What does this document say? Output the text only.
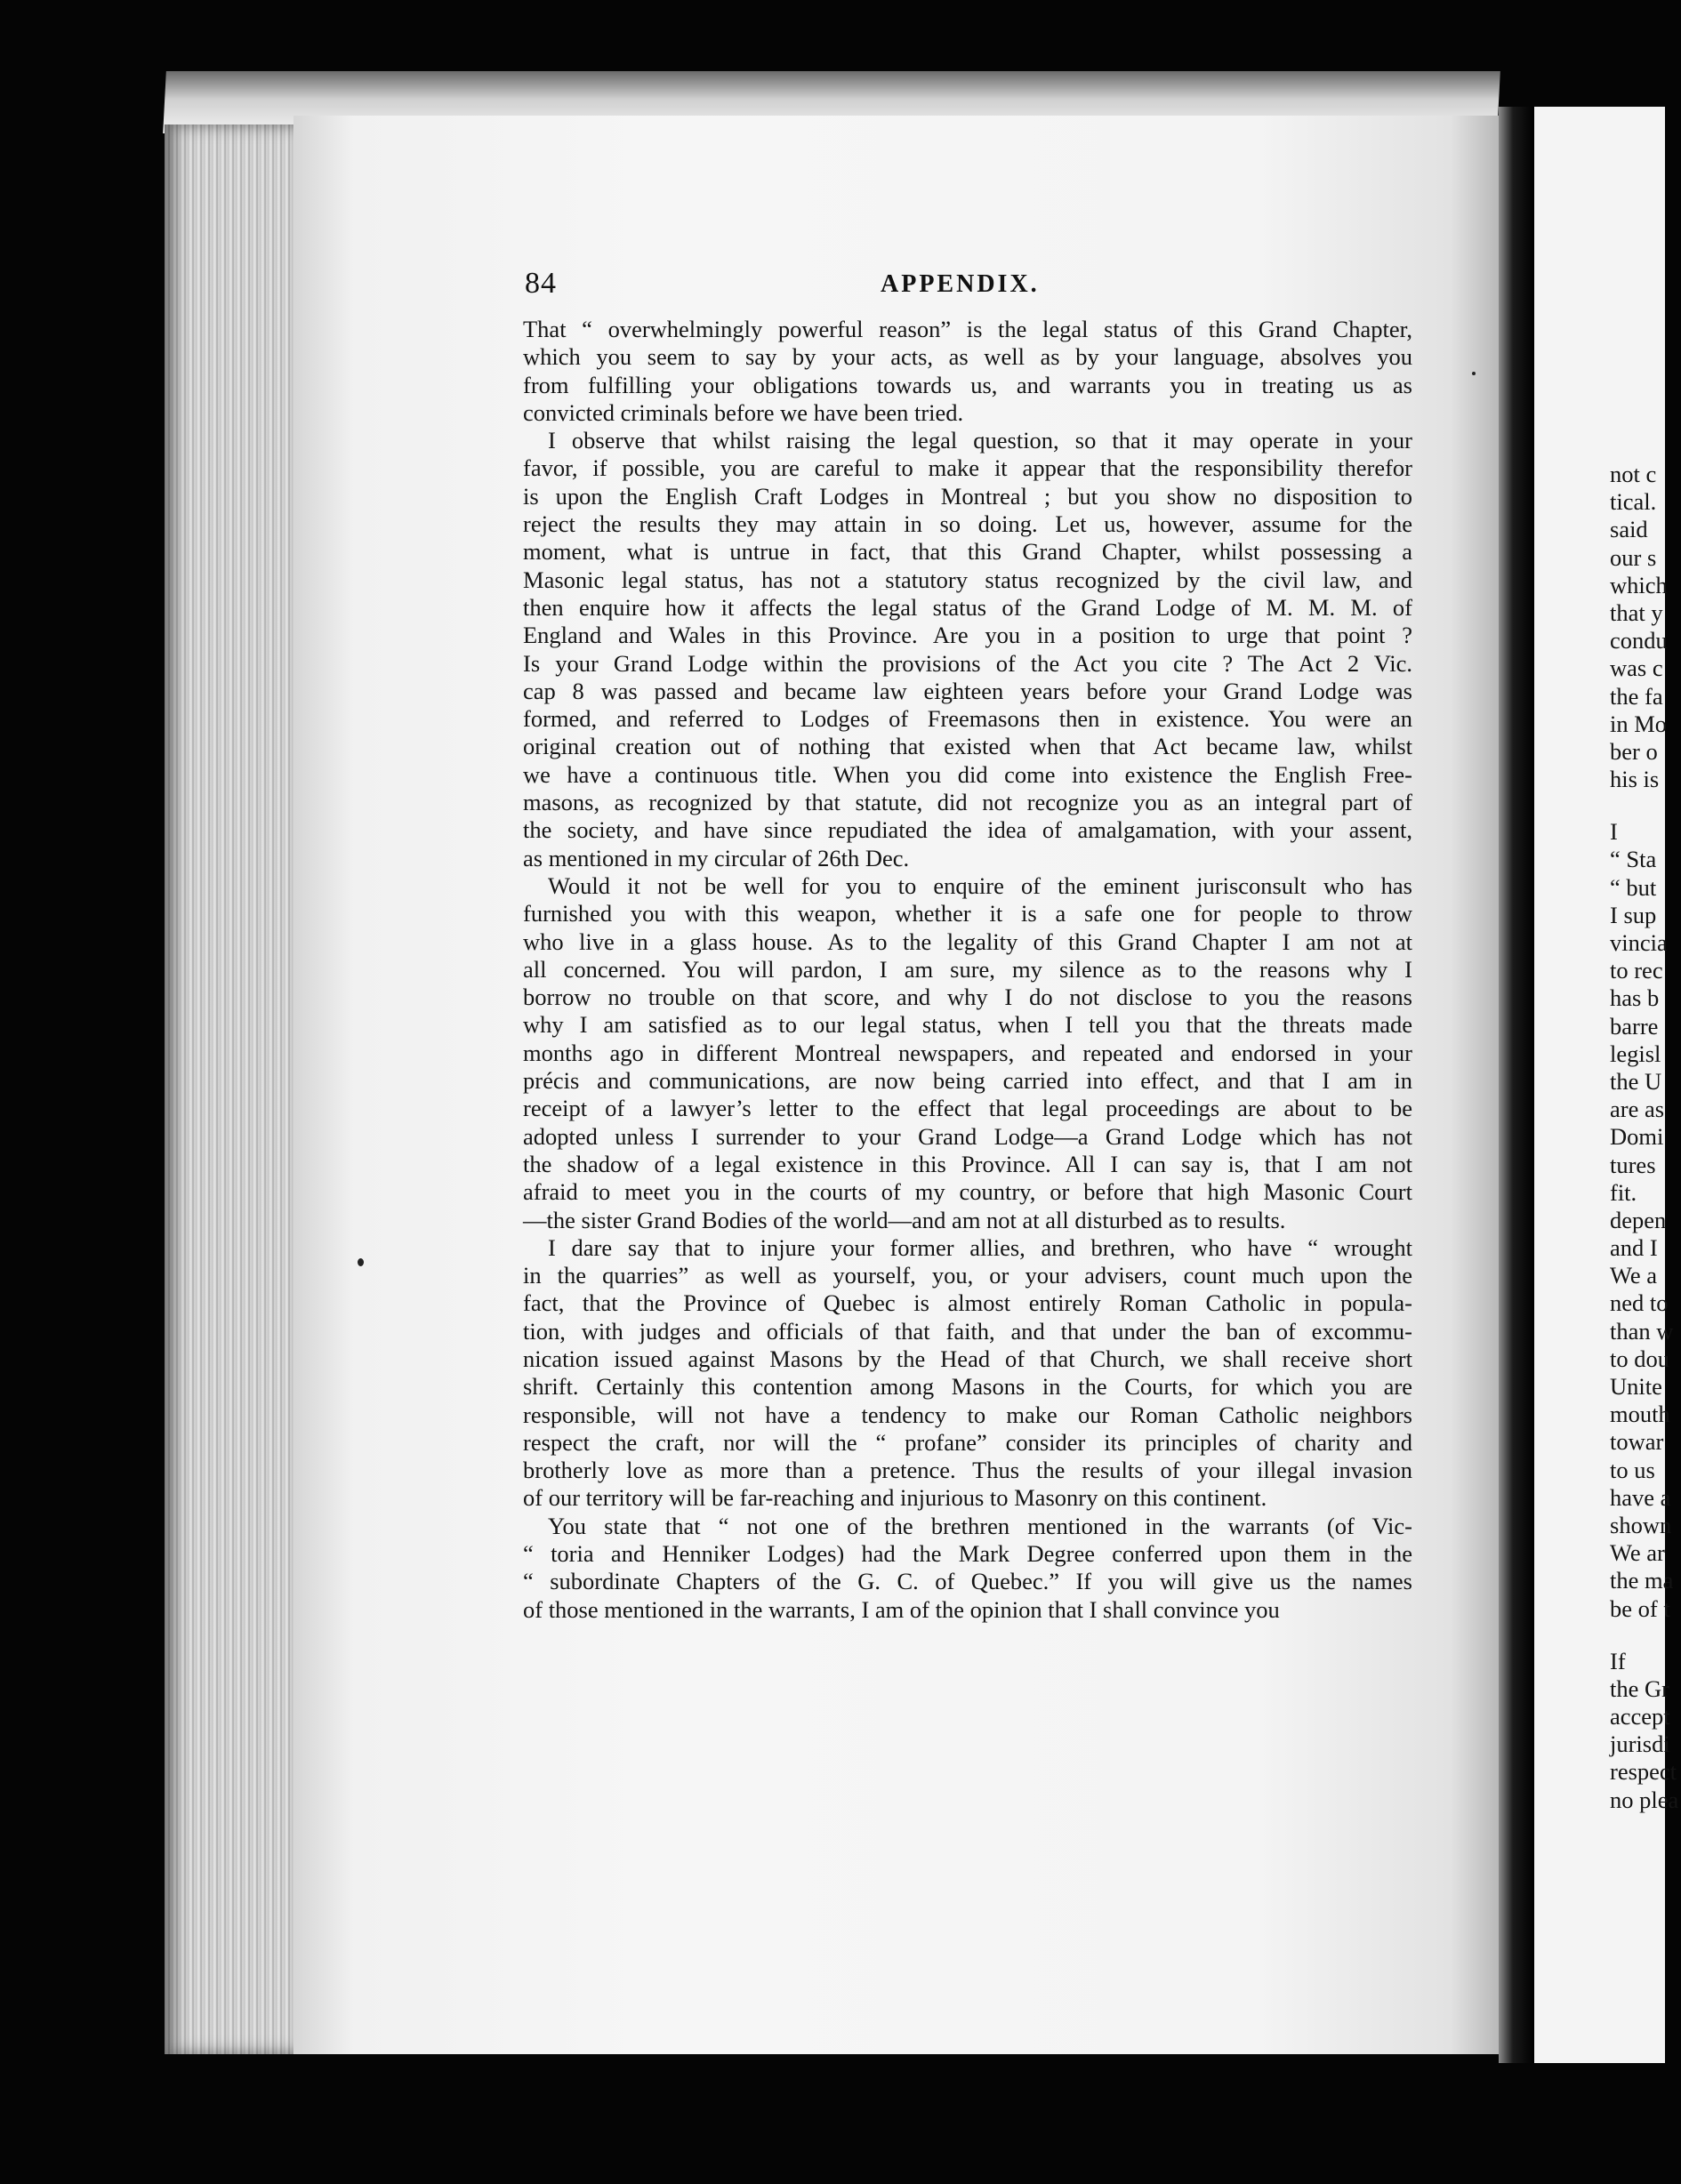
not c
tical.
said
our s
which
that y
condu
was c
the fa
in Mo
ber o
his is
I
“ Sta
“ but
I sup
vincia
to rec
has b
barre
legisl
the U
are as
Domi
tures
fit.
depen
and I
We a
ned to
than w
to dou
Unite
mouth
towar
to us
have a
shown
We ar
the ma
be of t
If
the Gr
accept
jurisdi
respect
no plea
84	APPENDIX.
That “ overwhelmingly powerful reason” is the legal status of this Grand Chapter,
which you seem to say by your acts, as well as by your language, absolves you
from fulfilling your obligations towards us, and warrants you in treating us as
convicted criminals before we have been tried.
I observe that whilst raising the legal question, so that it may operate in your
favor, if possible, you are careful to make it appear that the responsibility therefor
is upon the English Craft Lodges in Montreal ; but you show no disposition to
reject the results they may attain in so doing. Let us, however, assume for the
moment, what is untrue in fact, that this Grand Chapter, whilst possessing a
Masonic legal status, has not a statutory status recognized by the civil law, and
then enquire how it affects the legal status of the Grand Lodge of M. M. M. of
England and Wales in this Province. Are you in a position to urge that point ?
Is your Grand Lodge within the provisions of the Act you cite ? The Act 2 Vic.
cap 8 was passed and became law eighteen years before your Grand Lodge was
formed, and referred to Lodges of Freemasons then in existence. You were an
original creation out of nothing that existed when that Act became law, whilst
we have a continuous title. When you did come into existence the English Free-
masons, as recognized by that statute, did not recognize you as an integral part of
the society, and have since repudiated the idea of amalgamation, with your assent,
as mentioned in my circular of 26th Dec.
Would it not be well for you to enquire of the eminent jurisconsult who has
furnished you with this weapon, whether it is a safe one for people to throw
who live in a glass house. As to the legality of this Grand Chapter I am not at
all concerned. You will pardon, I am sure, my silence as to the reasons why I
borrow no trouble on that score, and why I do not disclose to you the reasons
why I am satisfied as to our legal status, when I tell you that the threats made
months ago in different Montreal newspapers, and repeated and endorsed in your
précis and communications, are now being carried into effect, and that I am in
receipt of a lawyer’s letter to the effect that legal proceedings are about to be
adopted unless I surrender to your Grand Lodge—a Grand Lodge which has not
the shadow of a legal existence in this Province. All I can say is, that I am not
afraid to meet you in the courts of my country, or before that high Masonic Court
—the sister Grand Bodies of the world—and am not at all disturbed as to results.
I dare say that to injure your former allies, and brethren, who have “ wrought
in the quarries” as well as yourself, you, or your advisers, count much upon the
fact, that the Province of Quebec is almost entirely Roman Catholic in popula-
tion, with judges and officials of that faith, and that under the ban of excommu-
nication issued against Masons by the Head of that Church, we shall receive short
shrift. Certainly this contention among Masons in the Courts, for which you are
responsible, will not have a tendency to make our Roman Catholic neighbors
respect the craft, nor will the “ profane” consider its principles of charity and
brotherly love as more than a pretence. Thus the results of your illegal invasion
of our territory will be far-reaching and injurious to Masonry on this continent.
You state that “ not one of the brethren mentioned in the warrants (of Vic-
“ toria and Henniker Lodges) had the Mark Degree conferred upon them in the
“ subordinate Chapters of the G. C. of Quebec.” If you will give us the names
of those mentioned in the warrants, I am of the opinion that I shall convince you
